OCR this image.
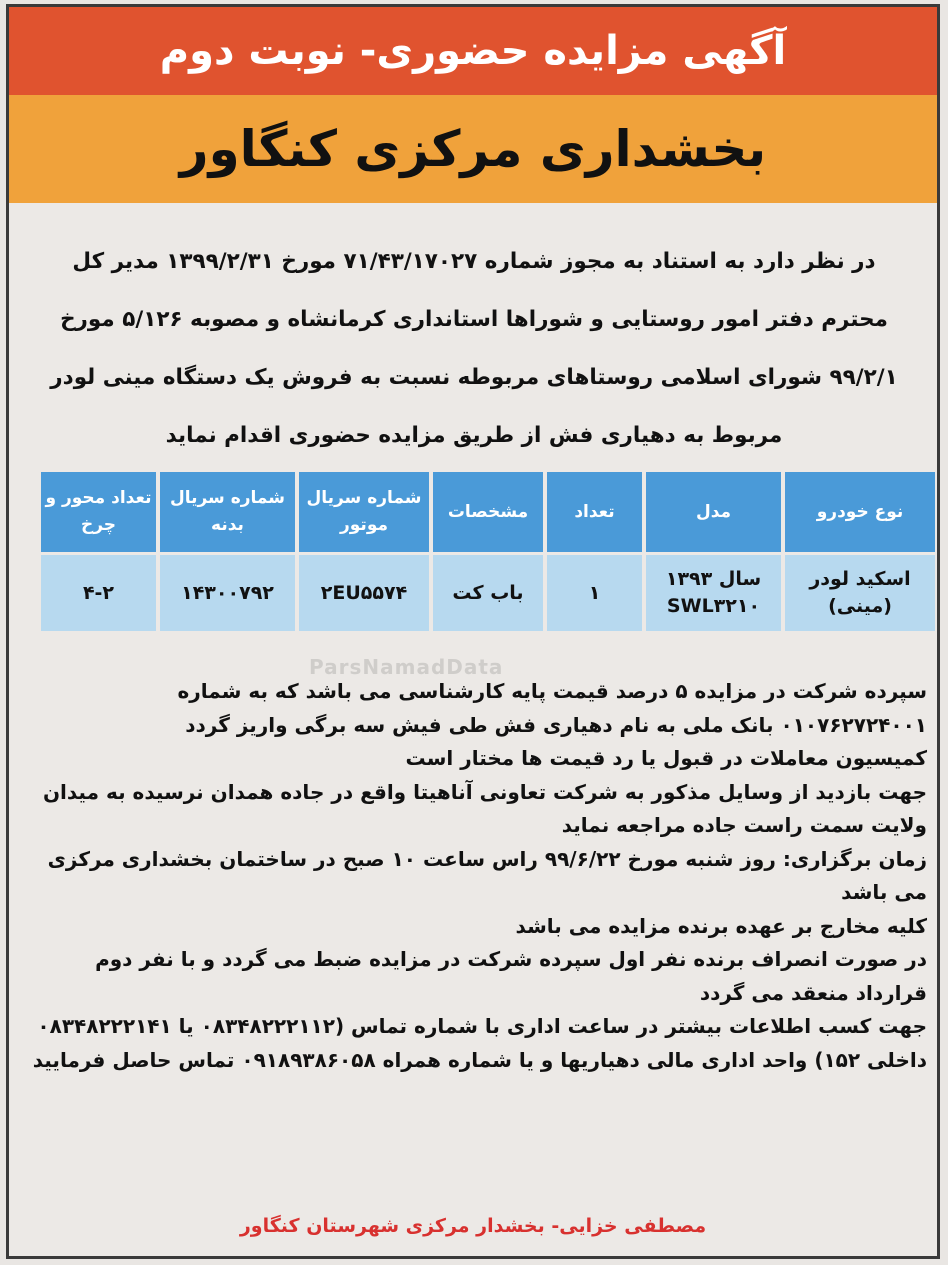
آگهی مزایده حضوری- نوبت دوم
بخشداری مرکزی کنگاور
در نظر دارد به استناد به مجوز شماره ۷۱/۴۳/۱۷۰۲۷ مورخ ۱۳۹۹/۲/۳۱ مدیر کل محترم دفتر امور روستایی و شوراها استانداری کرمانشاه و مصوبه ۵/۱۲۶ مورخ ۹۹/۲/۱ شورای اسلامی روستاهای مربوطه نسبت به فروش یک دستگاه مینی لودر مربوط به دهیاری فش از طریق مزایده حضوری اقدام نماید
نوع خودرو	مدل	تعداد	مشخصات	شماره سریال موتور	شماره سریال بدنه	تعداد محور و چرخ
اسکید لودر (مینی)	سال ۱۳۹۳ SWL۳۲۱۰	۱	باب کت	۲EU۵۵۷۴	۱۴۳۰۰۷۹۲	۴-۲
ParsNamadData

سپرده شرکت در مزایده ۵ درصد قیمت پایه کارشناسی می باشد که به شماره ۰۱۰۷۶۲۷۲۴۰۰۱ بانک ملی به نام دهیاری فش طی فیش سه برگی واریز گردد

کمیسیون معاملات در قبول یا رد قیمت ها مختار است

جهت بازدید از وسایل مذکور به شرکت تعاونی آناهیتا واقع در جاده همدان نرسیده به میدان ولایت سمت راست جاده مراجعه نماید

زمان برگزاری: روز شنبه مورخ ۹۹/۶/۲۲ راس ساعت ۱۰ صبح در ساختمان بخشداری مرکزی می باشد

کلیه مخارج بر عهده برنده مزایده می باشد

در صورت انصراف برنده نفر اول سپرده شرکت در مزایده ضبط می گردد و با نفر دوم قرارداد منعقد می گردد

جهت کسب اطلاعات بیشتر در ساعت اداری با شماره تماس (۰۸۳۴۸۲۲۲۱۱۲ یا ۰۸۳۴۸۲۲۲۱۴۱ داخلی ۱۵۲) واحد اداری مالی دهیاریها و یا شماره همراه ۰۹۱۸۹۳۸۶۰۵۸ تماس حاصل فرمایید

مصطفی خزایی- بخشدار مرکزی شهرستان کنگاور
